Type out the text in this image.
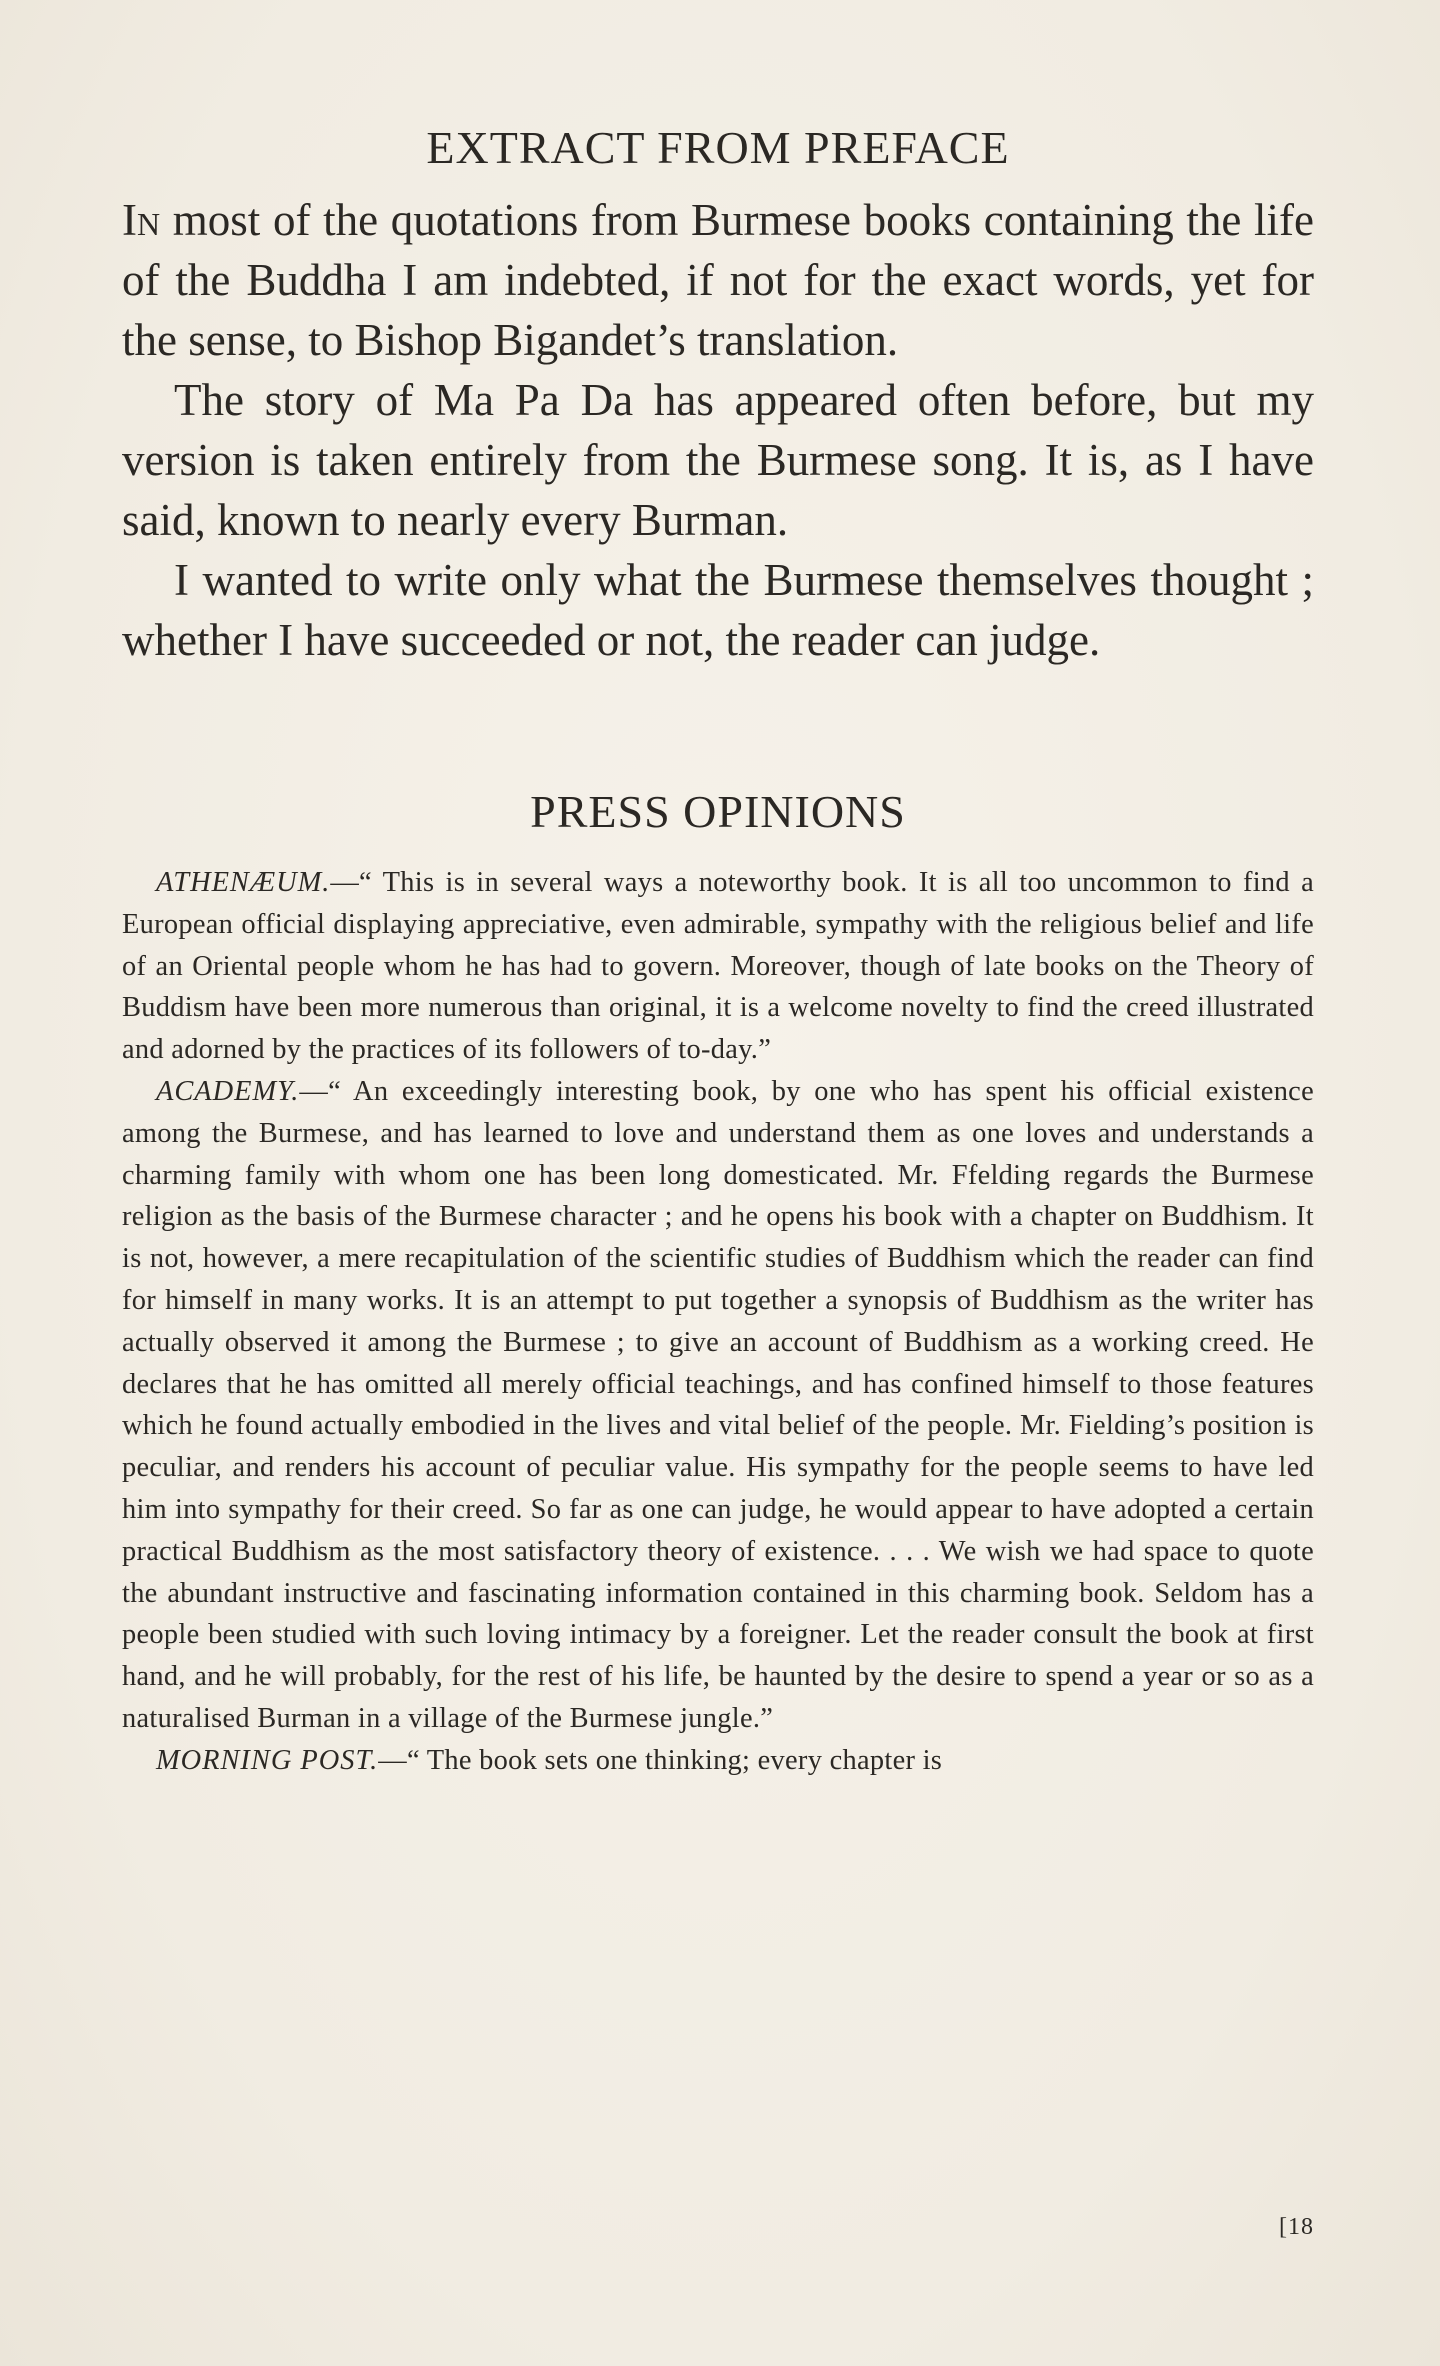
EXTRACT FROM PREFACE

In most of the quotations from Burmese books containing the life of the Buddha I am indebted, if not for the exact words, yet for the sense, to Bishop Bigandet’s translation.

The story of Ma Pa Da has appeared often before, but my version is taken entirely from the Burmese song. It is, as I have said, known to nearly every Burman.

I wanted to write only what the Burmese themselves thought ; whether I have succeeded or not, the reader can judge.

PRESS OPINIONS

ATHENÆUM.—“ This is in several ways a noteworthy book. It is all too uncommon to find a European official displaying appreciative, even admirable, sympathy with the religious belief and life of an Oriental people whom he has had to govern. Moreover, though of late books on the Theory of Buddism have been more numerous than original, it is a welcome novelty to find the creed illustrated and adorned by the practices of its followers of to-day.”

ACADEMY.—“ An exceedingly interesting book, by one who has spent his official existence among the Burmese, and has learned to love and understand them as one loves and understands a charming family with whom one has been long domesticated. Mr. Ffelding regards the Burmese religion as the basis of the Burmese character ; and he opens his book with a chapter on Buddhism. It is not, however, a mere recapitulation of the scientific studies of Buddhism which the reader can find for himself in many works. It is an attempt to put together a synopsis of Buddhism as the writer has actually observed it among the Burmese ; to give an account of Buddhism as a working creed. He declares that he has omitted all merely official teachings, and has confined himself to those features which he found actually embodied in the lives and vital belief of the people. Mr. Fielding’s position is peculiar, and renders his account of peculiar value. His sympathy for the people seems to have led him into sympathy for their creed. So far as one can judge, he would appear to have adopted a certain practical Buddhism as the most satisfactory theory of existence. . . . We wish we had space to quote the abundant instructive and fascinating information contained in this charming book. Seldom has a people been studied with such loving intimacy by a foreigner. Let the reader consult the book at first hand, and he will probably, for the rest of his life, be haunted by the desire to spend a year or so as a naturalised Burman in a village of the Burmese jungle.”

MORNING POST.—“ The book sets one thinking; every chapter is

[18
